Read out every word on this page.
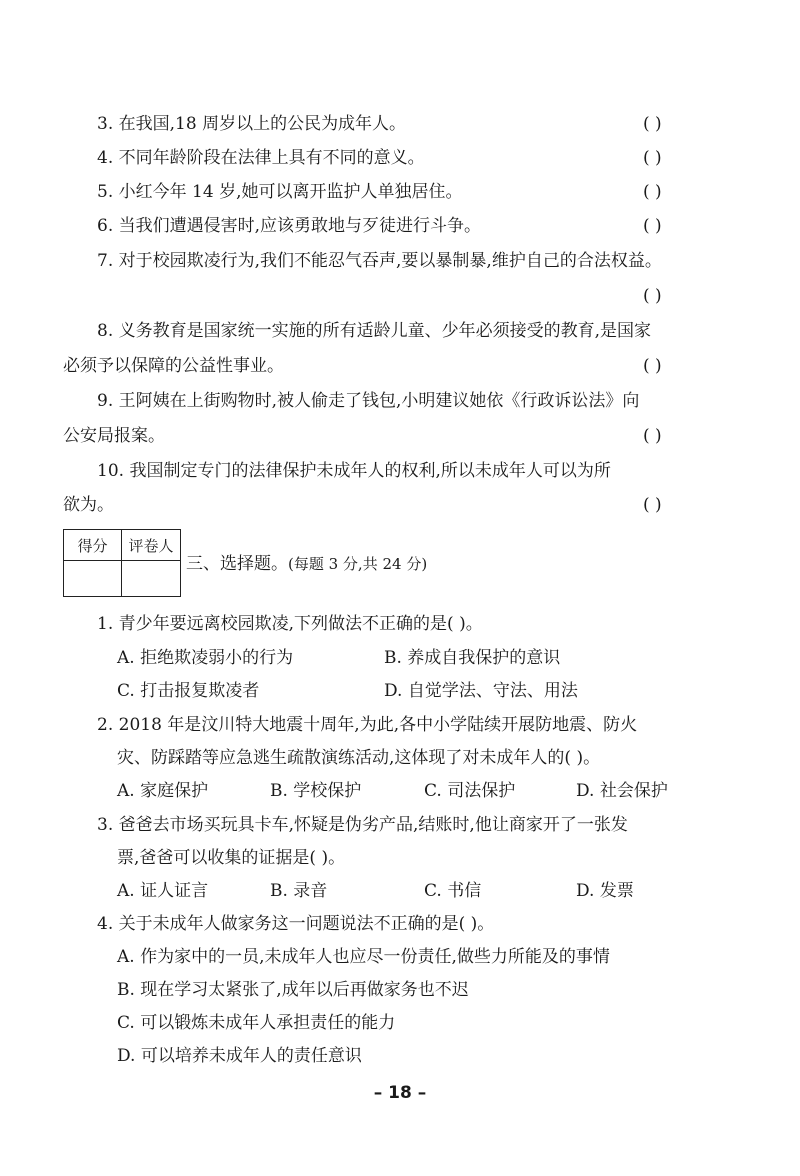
3. 在我国,18 周岁以上的公民为成年人。	( )
4. 不同年龄阶段在法律上具有不同的意义。	( )
5. 小红今年 14 岁,她可以离开监护人单独居住。	( )
6. 当我们遭遇侵害时,应该勇敢地与歹徒进行斗争。	( )
7. 对于校园欺凌行为,我们不能忍气吞声,要以暴制暴,维护自己的合法权益。
( )
8. 义务教育是国家统一实施的所有适龄儿童、少年必须接受的教育,是国家
必须予以保障的公益性事业。	( )
9. 王阿姨在上街购物时,被人偷走了钱包,小明建议她依《行政诉讼法》向
公安局报案。	( )
10. 我国制定专门的法律保护未成年人的权利,所以未成年人可以为所
欲为。	( )
得分	评卷人
三、选择题。(每题 3 分,共 24 分)
1. 青少年要远离校园欺凌,下列做法不正确的是( )。
A. 拒绝欺凌弱小的行为	B. 养成自我保护的意识
C. 打击报复欺凌者	D. 自觉学法、守法、用法
2. 2018 年是汶川特大地震十周年,为此,各中小学陆续开展防地震、防火
灾、防踩踏等应急逃生疏散演练活动,这体现了对未成年人的( )。
A. 家庭保护	B. 学校保护	C. 司法保护	D. 社会保护
3. 爸爸去市场买玩具卡车,怀疑是伪劣产品,结账时,他让商家开了一张发
票,爸爸可以收集的证据是( )。
A. 证人证言	B. 录音	C. 书信	D. 发票
4. 关于未成年人做家务这一问题说法不正确的是( )。
A. 作为家中的一员,未成年人也应尽一份责任,做些力所能及的事情
B. 现在学习太紧张了,成年以后再做家务也不迟
C. 可以锻炼未成年人承担责任的能力
D. 可以培养未成年人的责任意识
– 18 –
